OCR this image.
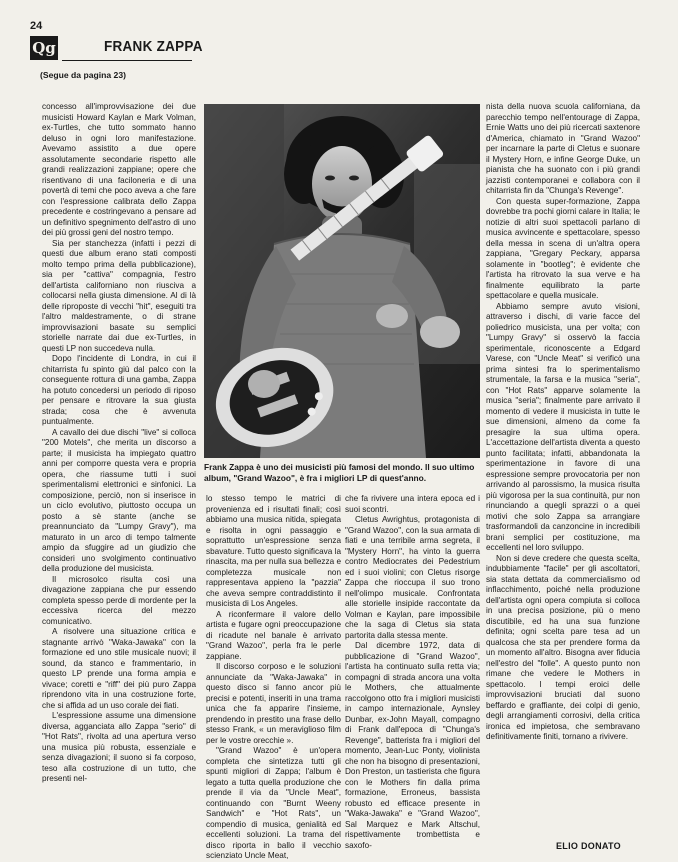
24
Qg	FRANK ZAPPA
(Segue da pagina 23)

concesso all'improvvisazione dei due musicisti Howard Kaylan e Mark Volman, ex-Turtles, che tutto sommato hanno deluso in ogni loro manifestazione. Avevamo assistito a due opere assolutamente secondarie rispetto alle grandi realizzazioni zappiane; opere che risentivano di una faciloneria e di una povertà di temi che poco aveva a che fare con l'espressione calibrata dello Zappa precedente e costringevano a pensare ad un definitivo spegnimento dell'astro di uno dei più grossi geni del nostro tempo.

Sia per stanchezza (infatti i pezzi di questi due album erano stati composti molto tempo prima della pubblicazione), sia per "cattiva" compagnia, l'estro dell'artista californiano non riusciva a collocarsi nella giusta dimensione. Al di là delle riproposte di vecchi "hit", eseguiti tra l'altro maldestramente, o di strane improvvisazioni basate su semplici storielle narrate dai due ex-Turtles, in questi LP non succedeva nulla.

Dopo l'incidente di Londra, in cui il chitarrista fu spinto giù dal palco con la conseguente rottura di una gamba, Zappa ha potuto concedersi un periodo di riposo per pensare e ritrovare la sua giusta strada; cosa che è avvenuta puntualmente.

A cavallo dei due dischi "live" si colloca "200 Motels", che merita un discorso a parte; il musicista ha impiegato quattro anni per comporre questa vera e propria opera, che riassume tutti i suoi sperimentalismi elettronici e sinfonici. La composizione, perciò, non si inserisce in un ciclo evolutivo, piuttosto occupa un posto a sè stante (anche se preannunciato da "Lumpy Gravy"), ma maturato in un arco di tempo talmente ampio da sfuggire ad un giudizio che consideri uno svolgimento continuativo della produzione del musicista.

Il microsolco risulta così una divagazione zappiana che pur essendo completa spesso perde di mordente per la eccessiva ricerca del mezzo comunicativo.

A risolvere una situazione critica e stagnante arrivò "Waka-Jawaka" con la formazione ed uno stile musicale nuovi; il sound, da stanco e frammentario, in questo LP prende una forma ampia e vivace; coretti e "riff" dei più puro Zappa riprendono vita in una costruzione forte, che si affida ad un uso corale dei fiati.

L'espressione assume una dimensione diversa, agganciata allo Zappa "serio" di "Hot Rats", rivolta ad una apertura verso una musica più robusta, essenziale e senza divagazioni; il suono si fa corposo, teso alla costruzione di un tutto, che presenti nel-

Frank Zappa è uno dei musicisti più famosi del mondo. Il suo ultimo album, "Grand Wazoo", è fra i migliori LP di quest'anno.

lo stesso tempo le matrici di provenienza ed i risultati finali; così abbiamo una musica nitida, spiegata e risolta in ogni passaggio e soprattutto un'espressione senza sbavature. Tutto questo significava la rinascita, ma per nulla sua bellezza e completezza musicale non rappresentava appieno la "pazzia" che aveva sempre contraddistinto il musicista di Los Angeles.

A riconfermare il valore dello artista e fugare ogni preoccupazione di ricadute nel banale è arrivato "Grand Wazoo", perla fra le perle zappiane.

Il discorso corposo e le soluzioni annunciate da "Waka-Jawaka" in questo disco si fanno ancor più precisi e potenti, inseriti in una trama unica che fa apparire l'insieme, prendendo in prestito una frase dello stesso Frank, « un meraviglioso film per le vostre orecchie ».

"Grand Wazoo" è un'opera completa che sintetizza tutti gli spunti migliori di Zappa; l'album è legato a tutta quella produzione che prende il via da "Uncle Meat", continuando con "Burnt Weeny Sandwich" e "Hot Rats", un compendio di musica, genialità ed eccellenti soluzioni. La trama del disco riporta in ballo il vecchio scienziato Uncle Meat,

che fa rivivere una intera epoca ed i suoi scontri.

Cletus Awrightus, protagonista di "Grand Wazoo", con la sua armata di fiati e una terribile arma segreta, il "Mystery Horn", ha vinto la guerra contro Mediocrates dei Pedestrium ed i suoi violini; con Cletus risorge Zappa che rioccupa il suo trono nell'olimpo musicale. Confrontata alle storielle insipide raccontate da Volman e Kaylan, pare impossibile che la saga di Cletus sia stata partorita dalla stessa mente.

Dal dicembre 1972, data di pubblicazione di "Grand Wazoo", l'artista ha continuato sulla retta via; compagni di strada ancora una volta le Mothers, che attualmente raccolgono otto fra i migliori musicisti in campo internazionale, Aynsley Dunbar, ex-John Mayall, compagno di Frank dall'epoca di "Chunga's Revenge", batterista fra i migliori del momento, Jean-Luc Ponty, violinista che non ha bisogno di presentazioni, Don Preston, un tastierista che figura con le Mothers fin dalla prima formazione, Erroneus, bassista robusto ed efficace presente in "Waka-Jawaka" e "Grand Wazoo", Sal Marquez e Mark Altschul, rispettivamente trombettista e saxofo-

nista della nuova scuola californiana, da parecchio tempo nell'entourage di Zappa, Ernie Watts uno dei più ricercati saxtenore d'America, chiamato in "Grand Wazoo" per incarnare la parte di Cletus e suonare il Mystery Horn, e infine George Duke, un pianista che ha suonato con i più grandi jazzisti contemporanei e collabora con il chitarrista fin da "Chunga's Revenge".

Con questa super-formazione, Zappa dovrebbe tra pochi giorni calare in Italia; le notizie di altri suoi spettacoli parlano di musica avvincente e spettacolare, spesso della messa in scena di un'altra opera zappiana, "Gregary Peckary, apparsa solamente in "bootleg"; è evidente che l'artista ha ritrovato la sua verve e ha finalmente equilibrato la parte spettacolare e quella musicale.

Abbiamo sempre avuto visioni, attraverso i dischi, di varie facce del poliedrico musicista, una per volta; con "Lumpy Gravy" si osservò la faccia sperimentale, riconoscente a Edgard Varese, con "Uncle Meat" si verificò una prima sintesi fra lo sperimentalismo strumentale, la farsa e la musica "seria", con "Hot Rats" apparve solamente la musica "seria"; finalmente pare arrivato il momento di vedere il musicista in tutte le sue dimensioni, almeno da come fa presagire la sua ultima opera. L'accettazione dell'artista diventa a questo punto facilitata; infatti, abbandonata la sperimentazione in favore di una espressione sempre provocatoria per non arrivando al parossismo, la musica risulta più vigorosa per la sua continuità, pur non rinunciando a quegli sprazzi o a quei motivi che solo Zappa sa arrangiare trasformandoli da canzoncine in incredibili brani semplici per costituzione, ma eccellenti nel loro sviluppo.

Non si deve credere che questa scelta, indubbiamente "facile" per gli ascoltatori, sia stata dettata da commercialismo od inflacchimento, poiché nella produzione dell'artista ogni opera compiuta si colloca in una precisa posizione, più o meno discutibile, ed ha una sua funzione definita; ogni scelta pare tesa ad un qualcosa che sta per prendere forma da un momento all'altro. Bisogna aver fiducia nell'estro del "folle". A questo punto non rimane che vedere le Mothers in spettacolo. I tempi eroici delle improvvisazioni bruciati dal suono beffardo e graffiante, dei colpi di genio, degli arrangiamenti corrosivi, della critica ironica ed impietosa, che sembravano definitivamente finiti, tornano a rivivere.

ELIO DONATO
